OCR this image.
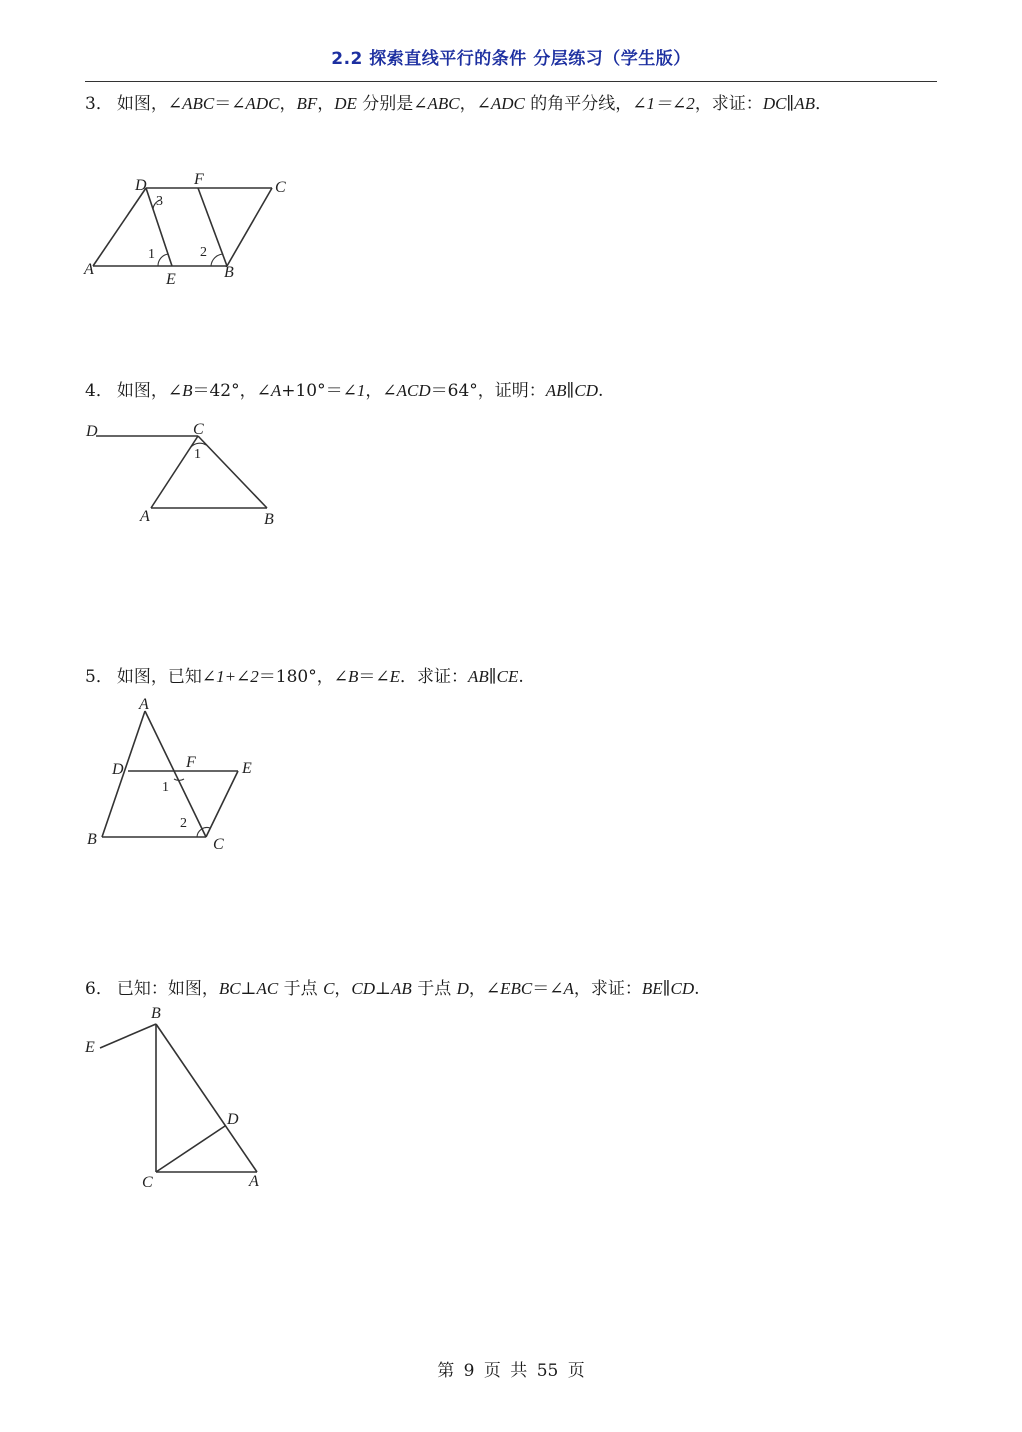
2.2 探索直线平行的条件 分层练习（学生版）
3． 如图，∠ABC＝∠ADC，BF，DE 分别是∠ABC，∠ADC 的角平分线，∠1＝∠2，求证：DC∥AB．
D	F	C
A
E	B
3
1	2
4． 如图，∠B＝42°，∠A+10°＝∠1，∠ACD＝64°，证明：AB∥CD.
D	C
1
A	B
5． 如图，已知∠1+∠2＝180°，∠B＝∠E．求证：AB∥CE.
A
D	F	E
1
2
B	C
6． 已知：如图，BC⊥AC 于点 C，CD⊥AB 于点 D，∠EBC＝∠A，求证：BE∥CD.
E
B
D
C	A
第 9 页 共 55 页
